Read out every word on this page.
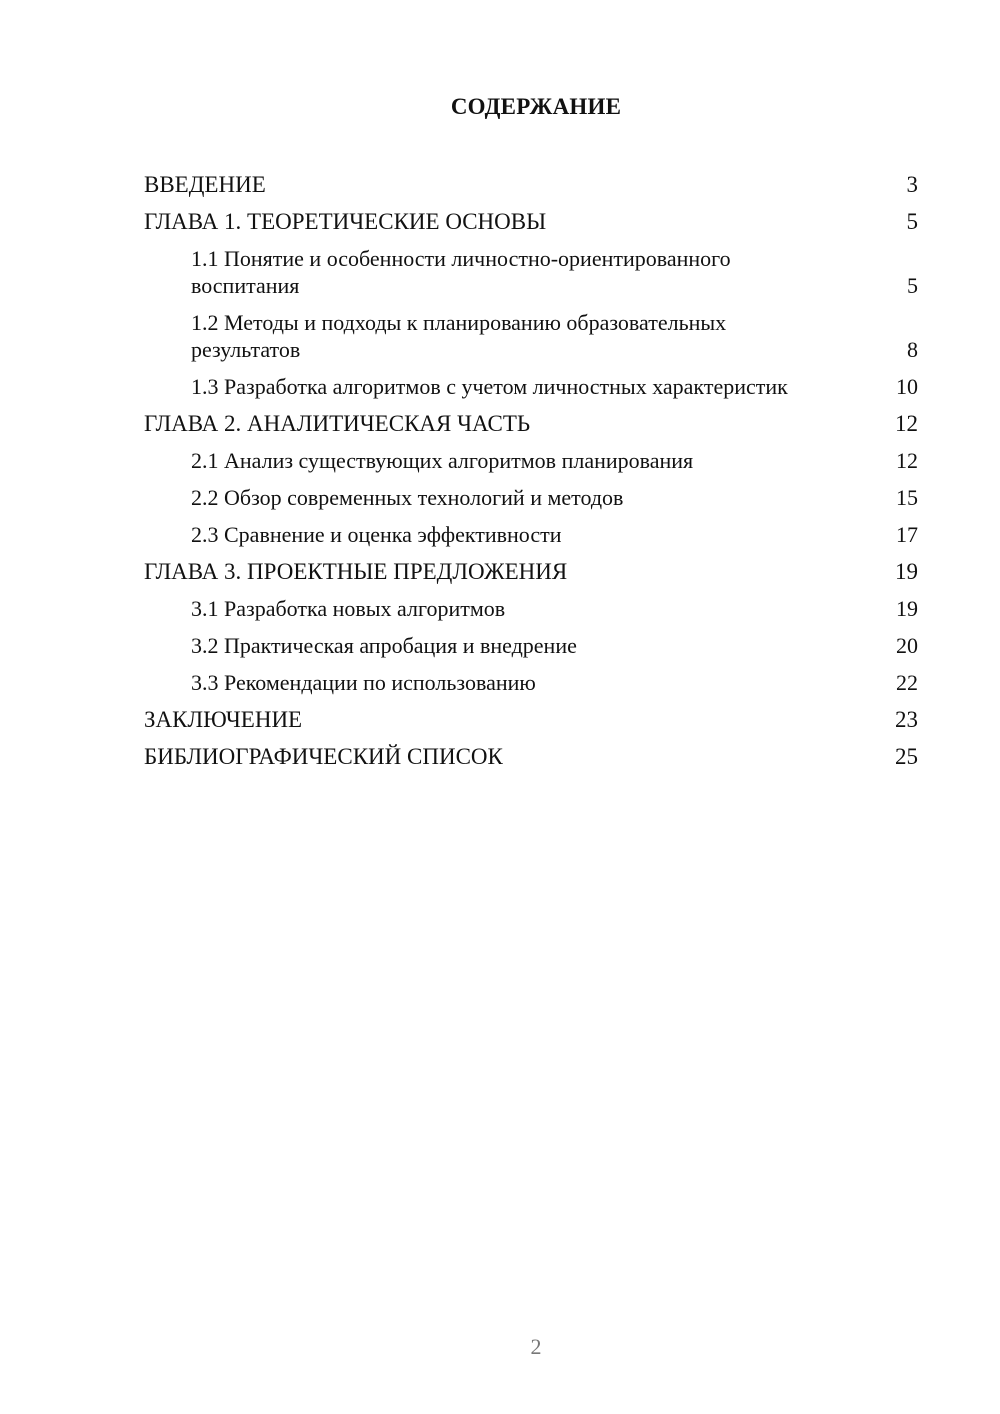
СОДЕРЖАНИЕ
ВВЕДЕНИЕ	3
ГЛАВА 1. ТЕОРЕТИЧЕСКИЕ ОСНОВЫ	5
1.1 Понятие и особенности личностно-ориентированного воспитания	5
1.2 Методы и подходы к планированию образовательных результатов	8
1.3 Разработка алгоритмов с учетом личностных характеристик	10
ГЛАВА 2. АНАЛИТИЧЕСКАЯ ЧАСТЬ	12
2.1 Анализ существующих алгоритмов планирования	12
2.2 Обзор современных технологий и методов	15
2.3 Сравнение и оценка эффективности	17
ГЛАВА 3. ПРОЕКТНЫЕ ПРЕДЛОЖЕНИЯ	19
3.1 Разработка новых алгоритмов	19
3.2 Практическая апробация и внедрение	20
3.3 Рекомендации по использованию	22
ЗАКЛЮЧЕНИЕ	23
БИБЛИОГРАФИЧЕСКИЙ СПИСОК	25
2
